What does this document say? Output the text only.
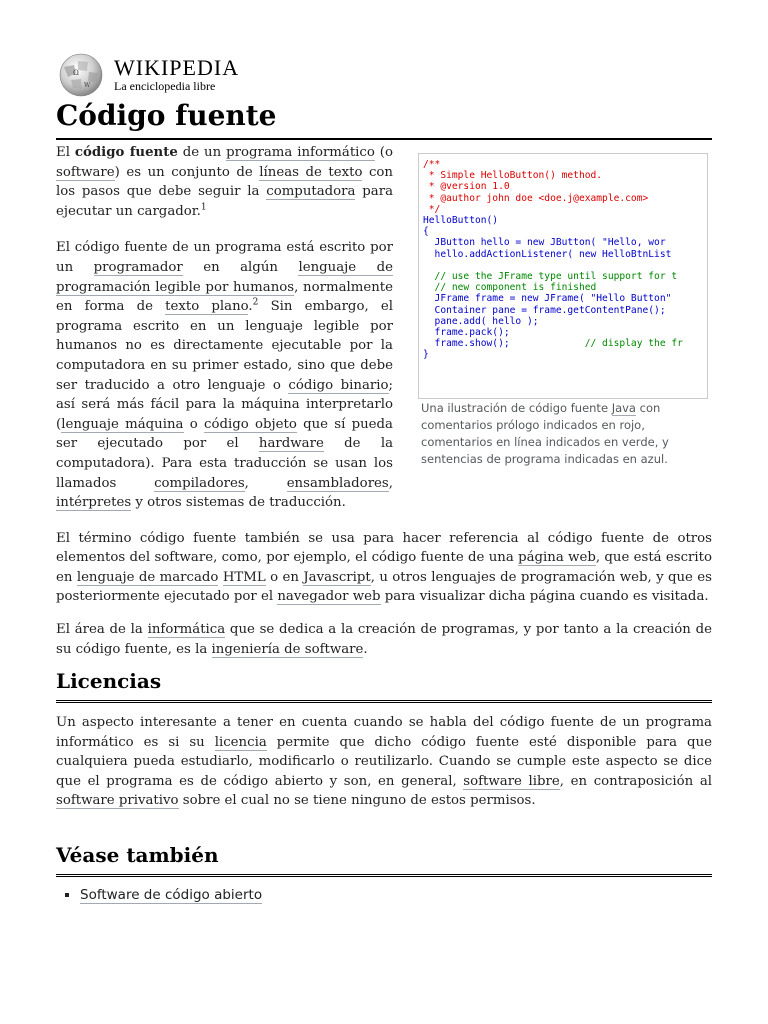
Ω
W
WIKIPEDIA
La enciclopedia libre
Código fuente
/**
* Simple HelloButton() method.
* @version 1.0
* @author john doe <doe.j@example.com>
*/
HelloButton()
{
JButton hello = new JButton( "Hello, wor
hello.addActionListener( new HelloBtnList

// use the JFrame type until support for t
// new component is finished
JFrame frame = new JFrame( "Hello Button"
Container pane = frame.getContentPane();
pane.add( hello );
frame.pack();
frame.show();             // display the fr
}
Una ilustración de código fuente Java con comentarios prólogo indicados en rojo, comentarios en línea indicados en verde, y sentencias de programa indicadas en azul.

El código fuente de un programa informático (o software) es un conjunto de líneas de texto con los pasos que debe seguir la computadora para ejecutar un cargador.$^1$

El código fuente de un programa está escrito por un programador en algún lenguaje de programación legible por humanos, normalmente en forma de texto plano.$^2$ Sin embargo, el programa escrito en un lenguaje legible por humanos no es directamente ejecutable por la computadora en su primer estado, sino que debe ser traducido a otro lenguaje o código binario; así será más fácil para la máquina interpretarlo (lenguaje máquina o código objeto que sí pueda ser ejecutado por el hardware de la computadora). Para esta traducción se usan los llamados compiladores, ensambladores, intérpretes y otros sistemas de traducción.

El término código fuente también se usa para hacer referencia al código fuente de otros elementos del software, como, por ejemplo, el código fuente de una página web, que está escrito en lenguaje de marcado HTML o en Javascript, u otros lenguajes de programación web, y que es posteriormente ejecutado por el navegador web para visualizar dicha página cuando es visitada.

El área de la informática que se dedica a la creación de programas, y por tanto a la creación de su código fuente, es la ingeniería de software.

Licencias

Un aspecto interesante a tener en cuenta cuando se habla del código fuente de un programa informático es si su licencia permite que dicho código fuente esté disponible para que cualquiera pueda estudiarlo, modificarlo o reutilizarlo. Cuando se cumple este aspecto se dice que el programa es de código abierto y son, en general, software libre, en contraposición al software privativo sobre el cual no se tiene ninguno de estos permisos.

Véase también
▪ Software de código abierto
